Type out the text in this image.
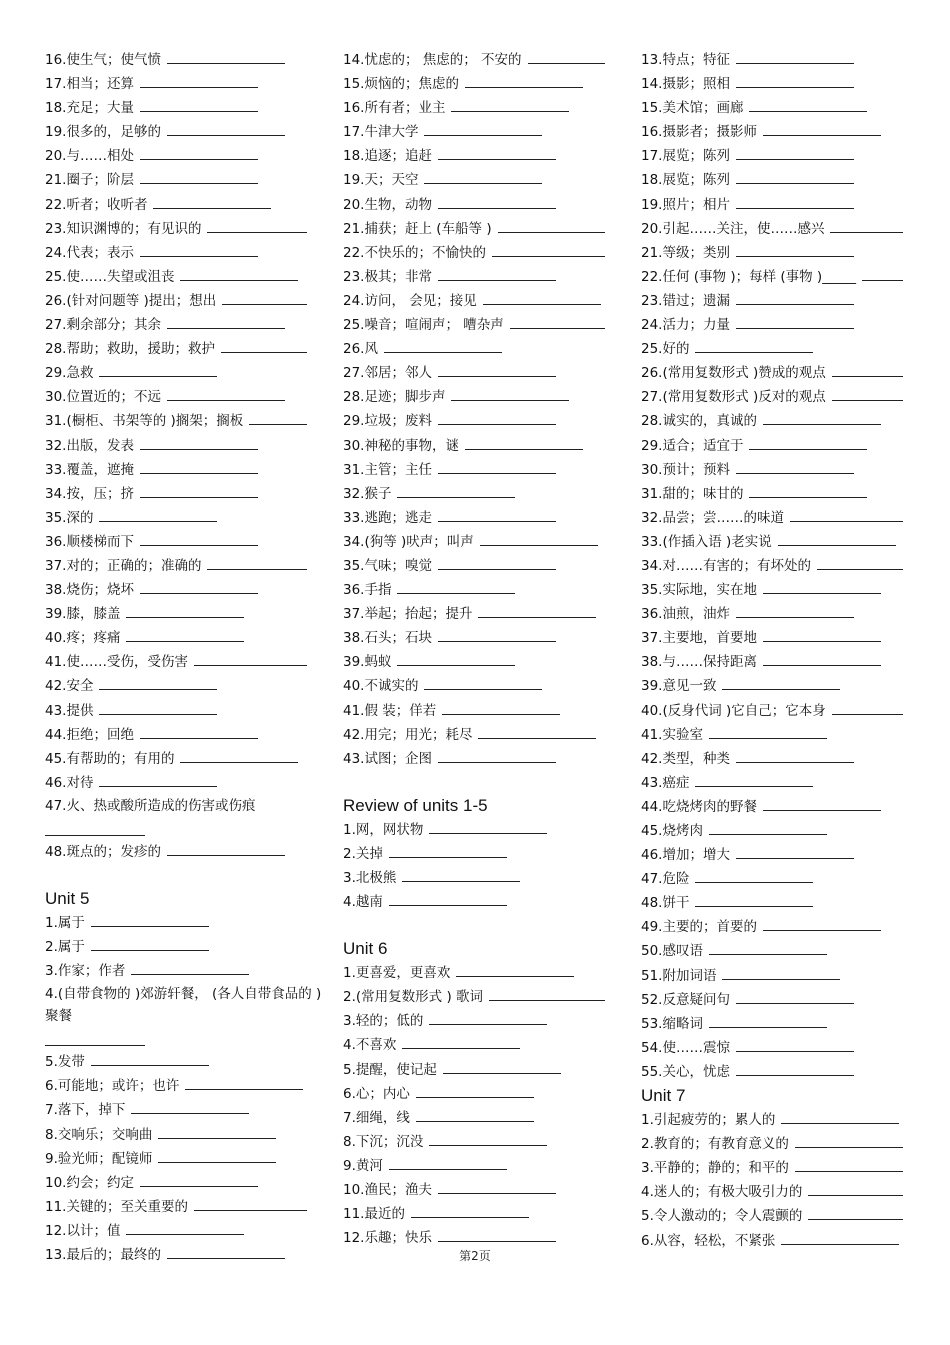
16.使生气；使气愤
17.相当；还算
18.充足；大量
19.很多的，足够的
20.与……相处
21.圈子；阶层
22.听者；收听者
23.知识渊博的；有见识的
24.代表；表示
25.使……失望或沮丧
26.(针对问题等 )提出；想出
27.剩余部分；其余
28.帮助；救助，援助；救护
29.急救
30.位置近的；不远
31.(橱柜、书架等的 )搁架；搁板
32.出版，发表
33.覆盖，遮掩
34.按，压；挤
35.深的
36.顺楼梯而下
37.对的；正确的；准确的
38.烧伤；烧坏
39.膝，膝盖
40.疼；疼痛
41.使……受伤，受伤害
42.安全
43.提供
44.拒绝；回绝
45.有帮助的；有用的
46.对待
47.火、热或酸所造成的伤害或伤痕
48.斑点的；发疹的
Unit 5
1.属于
2.属于
3.作家；作者
4.(自带食物的 )郊游轩餐， (各人自带食品的 )聚餐
5.发带
6.可能地；或许；也许
7.落下，掉下
8.交响乐；交响曲
9.验光师；配镜师
10.约会；约定
11.关键的；至关重要的
12.以计；值
13.最后的；最终的
14.忧虑的； 焦虑的； 不安的
15.烦恼的；焦虑的
16.所有者；业主
17.牛津大学
18.追逐；追赶
19.天；天空
20.生物，动物
21.捕获；赶上 (车船等 )
22.不快乐的；不愉快的
23.极其；非常
24.访问， 会见；接见
25.噪音；喧闹声； 嘈杂声
26.风
27.邻居；邻人
28.足迹；脚步声
29.垃圾；废料
30.神秘的事物，谜
31.主管；主任
32.猴子
33.逃跑；逃走
34.(狗等 )吠声；叫声
35.气味；嗅觉
36.手指
37.举起；抬起；提升
38.石头；石块
39.蚂蚁
40.不诚实的
41.假 装；佯若
42.用完；用光；耗尽
43.试图；企图
Review of units 1-5
1.网，网状物
2.关掉
3.北极熊
4.越南
Unit 6
1.更喜爱，更喜欢
2.(常用复数形式 ) 歌词
3.轻的；低的
4.不喜欢
5.提醒，使记起
6.心；内心
7.细绳，线
8.下沉；沉没
9.黄河
10.渔民；渔夫
11.最近的
12.乐趣；快乐
13.特点；特征
14.摄影；照相
15.美术馆；画廊
16.摄影者；摄影师
17.展览；陈列
18.展览；陈列
19.照片；相片
20.引起……关注，使……感兴
21.等级；类别
22.任何 (事物 )；每样 (事物 )_____
23.错过；遗漏
24.活力；力量
25.好的
26.(常用复数形式 )赞成的观点
27.(常用复数形式 )反对的观点
28.诚实的，真诚的
29.适合；适宜于
30.预计；预料
31.甜的；味甘的
32.品尝；尝……的味道
33.(作插入语 )老实说
34.对……有害的；有坏处的
35.实际地，实在地
36.油煎，油炸
37.主要地，首要地
38.与……保持距离
39.意见一致
40.(反身代词 )它自己；它本身
41.实验室
42.类型，种类
43.癌症
44.吃烧烤肉的野餐
45.烧烤肉
46.增加；增大
47.危险
48.饼干
49.主要的；首要的
50.感叹语
51.附加词语
52.反意疑问句
53.缩略词
54.使……震惊
55.关心，忧虑
Unit 7
1.引起疲劳的；累人的
2.教育的；有教育意义的
3.平静的；静的；和平的
4.迷人的；有极大吸引力的
5.令人激动的；令人震颤的
6.从容，轻松，不紧张
第2页
